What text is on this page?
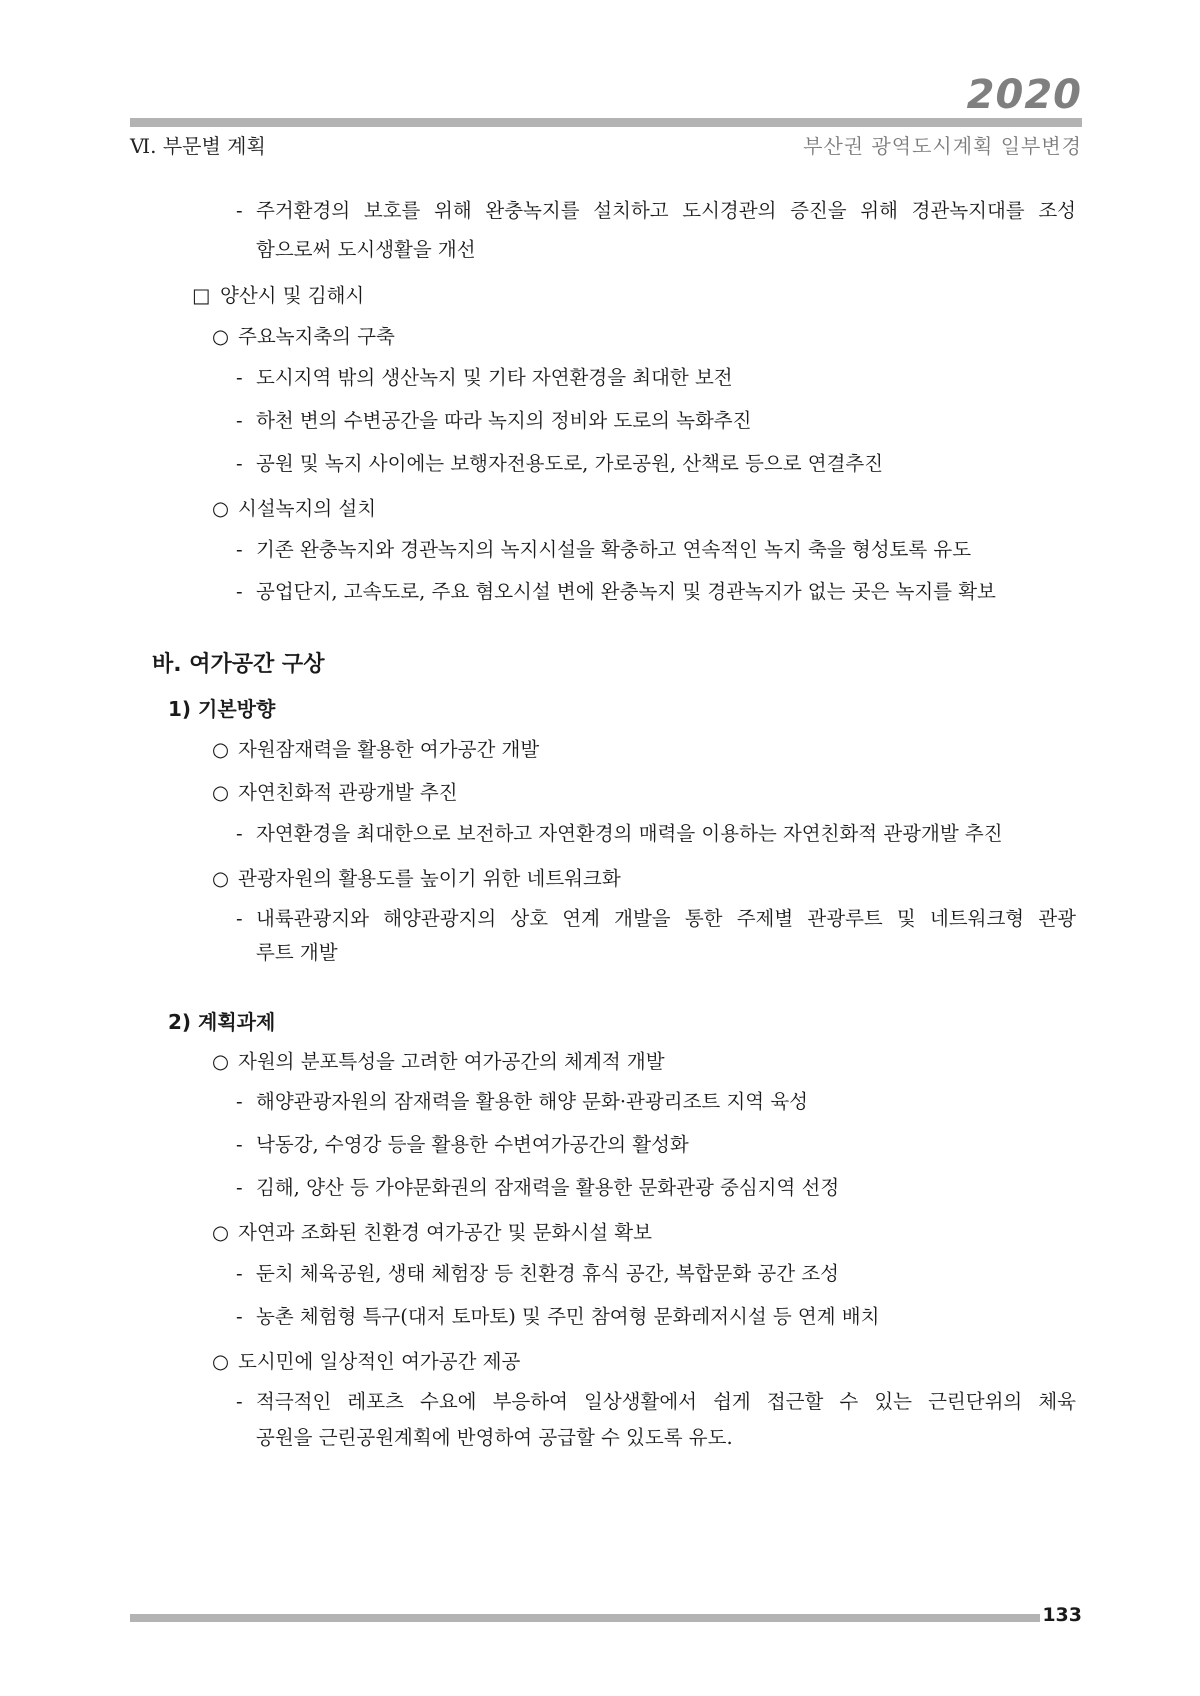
2020
Ⅵ. 부문별 계획	부산권 광역도시계획 일부변경
- 주거환경의 보호를 위해 완충녹지를 설치하고 도시경관의 증진을 위해 경관녹지대를 조성
함으로써 도시생활을 개선
□ 양산시 및 김해시
○ 주요녹지축의 구축
- 도시지역 밖의 생산녹지 및 기타 자연환경을 최대한 보전
- 하천 변의 수변공간을 따라 녹지의 정비와 도로의 녹화추진
- 공원 및 녹지 사이에는 보행자전용도로, 가로공원, 산책로 등으로 연결추진
○ 시설녹지의 설치
- 기존 완충녹지와 경관녹지의 녹지시설을 확충하고 연속적인 녹지 축을 형성토록 유도
- 공업단지, 고속도로, 주요 혐오시설 변에 완충녹지 및 경관녹지가 없는 곳은 녹지를 확보
바. 여가공간 구상
1) 기본방향
○ 자원잠재력을 활용한 여가공간 개발
○ 자연친화적 관광개발 추진
- 자연환경을 최대한으로 보전하고 자연환경의 매력을 이용하는 자연친화적 관광개발 추진
○ 관광자원의 활용도를 높이기 위한 네트워크화
- 내륙관광지와 해양관광지의 상호 연계 개발을 통한 주제별 관광루트 및 네트워크형 관광
루트 개발
2) 계획과제
○ 자원의 분포특성을 고려한 여가공간의 체계적 개발
- 해양관광자원의 잠재력을 활용한 해양 문화·관광리조트 지역 육성
- 낙동강, 수영강 등을 활용한 수변여가공간의 활성화
- 김해, 양산 등 가야문화권의 잠재력을 활용한 문화관광 중심지역 선정
○ 자연과 조화된 친환경 여가공간 및 문화시설 확보
- 둔치 체육공원, 생태 체험장 등 친환경 휴식 공간, 복합문화 공간 조성
- 농촌 체험형 특구(대저 토마토) 및 주민 참여형 문화레저시설 등 연계 배치
○ 도시민에 일상적인 여가공간 제공
- 적극적인 레포츠 수요에 부응하여 일상생활에서 쉽게 접근할 수 있는 근린단위의 체육
공원을 근린공원계획에 반영하여 공급할 수 있도록 유도.
133
